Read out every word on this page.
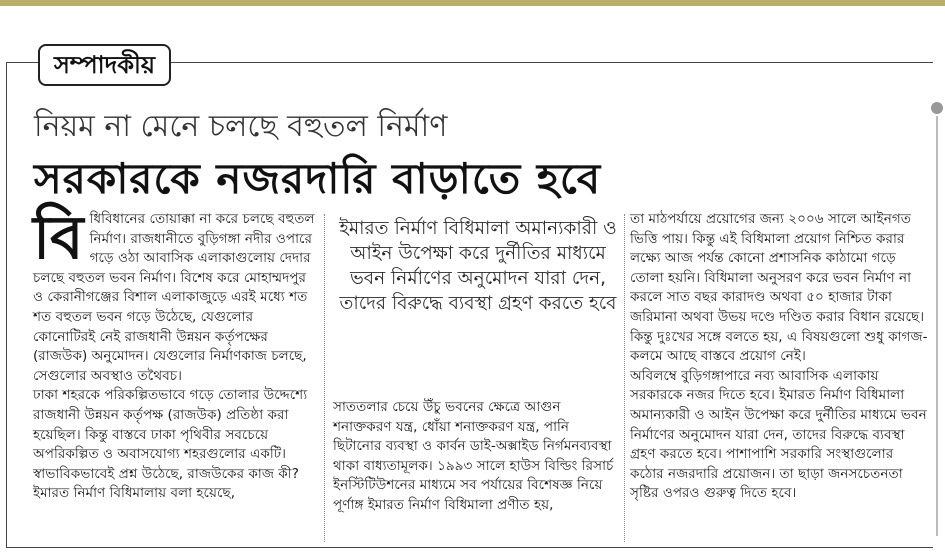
সম্পাদকীয়
নিয়ম না মেনে চলছে বহুতল নির্মাণ
সরকারকে নজরদারি বাড়াতে হবে
বি ধিবিধানের তোয়াক্কা না করে চলছে বহুতল নির্মাণ। রাজধানীতে বুড়িগঙ্গা নদীর ওপারে গড়ে ওঠা আবাসিক এলাকাগুলোয় দেদার চলছে বহুতল ভবন নির্মাণ। বিশেষ করে মোহাম্মদপুর ও কেরানীগঞ্জের বিশাল এলাকাজুড়ে এরই মধ্যে শত শত বহুতল ভবন গড়ে উঠেছে, যেগুলোর কোনোটিরই নেই রাজধানী উন্নয়ন কর্তৃপক্ষের (রাজউক) অনুমোদন। যেগুলোর নির্মাণকাজ চলছে, সেগুলোর অবস্থাও তথৈবচ।

ঢাকা শহরকে পরিকল্পিতভাবে গড়ে তোলার উদ্দেশ্যে রাজধানী উন্নয়ন কর্তৃপক্ষ (রাজউক) প্রতিষ্ঠা করা হয়েছিল। কিন্তু বাস্তবে ঢাকা পৃথিবীর সবচেয়ে অপরিকল্পিত ও অবাসযোগ্য শহরগুলোর একটি।

স্বাভাবিকভাবেই প্রশ্ন উঠেছে, রাজউকের কাজ কী? ইমারত নির্মাণ বিধিমালায় বলা হয়েছে,

ইমারত নির্মাণ বিধিমালা অমান্যকারী ও আইন উপেক্ষা করে দুর্নীতির মাধ্যমে ভবন নির্মাণের অনুমোদন যারা দেন, তাদের বিরুদ্ধে ব্যবস্থা গ্রহণ করতে হবে

সাততলার চেয়ে উঁচু ভবনের ক্ষেত্রে আগুন শনাক্তকরণ যন্ত্র, ধোঁয়া শনাক্তকরণ যন্ত্র, পানি ছিটানোর ব্যবস্থা ও কার্বন ডাই-অক্সাইড নির্গমনব্যবস্থা থাকা বাধ্যতামূলক। ১৯৯৩ সালে হাউস বিল্ডিং রিসার্চ ইনস্টিটিউশনের মাধ্যমে সব পর্যায়ের বিশেষজ্ঞ নিয়ে পূর্ণাঙ্গ ইমারত নির্মাণ বিধিমালা প্রণীত হয়,

তা মাঠপর্যায়ে প্রয়োগের জন্য ২০০৬ সালে আইনগত ভিত্তি পায়। কিন্তু এই বিধিমালা প্রয়োগ নিশ্চিত করার লক্ষ্যে আজ পর্যন্ত কোনো প্রশাসনিক কাঠামো গড়ে তোলা হয়নি। বিধিমালা অনুসরণ করে ভবন নির্মাণ না করলে সাত বছর কারাদণ্ড অথবা ৫০ হাজার টাকা জরিমানা অথবা উভয় দণ্ডে দণ্ডিত করার বিধান রয়েছে। কিন্তু দুঃখের সঙ্গে বলতে হয়, এ বিষয়গুলো শুধু কাগজ-কলমে আছে বাস্তবে প্রয়োগ নেই।

অবিলম্বে বুড়িগঙ্গাপারে নব্য আবাসিক এলাকায় সরকারকে নজর দিতে হবে। ইমারত নির্মাণ বিধিমালা অমান্যকারী ও আইন উপেক্ষা করে দুর্নীতির মাধ্যমে ভবন নির্মাণের অনুমোদন যারা দেন, তাদের বিরুদ্ধে ব্যবস্থা গ্রহণ করতে হবে। পাশাপাশি সরকারি সংস্থাগুলোর কঠোর নজরদারি প্রয়োজন। তা ছাড়া জনসচেতনতা সৃষ্টির ওপরও গুরুত্ব দিতে হবে।
